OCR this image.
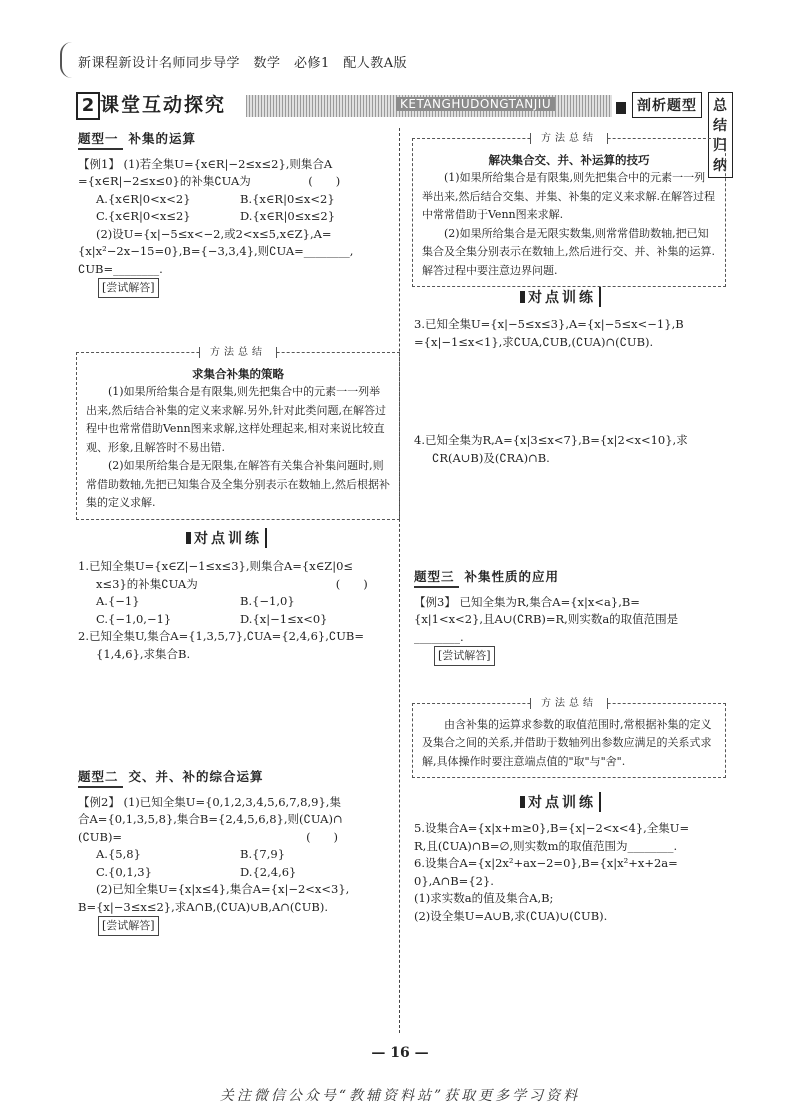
新课程新设计名师同步导学　数学　必修1　配人教A版
2 课堂互动探究	KETANGHUDONGTANJIU	剖析题型	总结归纳
题型一 补集的运算

【例1】 (1)若全集U={x∈R|−2≤x≤2},则集合A

={x∈R|−2≤x≤0}的补集∁UA为　　　　　(　　)

A.{x∈R|0<x<2}	B.{x∈R|0≤x<2}
C.{x∈R|0<x≤2}	D.{x∈R|0≤x≤2}

(2)设U={x|−5≤x<−2,或2<x≤5,x∈Z},A=

{x|x²−2x−15=0},B={−3,3,4},则∁UA=________,

∁UB=________.

[尝试解答]
方法总结
求集合补集的策略

(1)如果所给集合是有限集,则先把集合中的元素一一列举出来,然后结合补集的定义来求解.另外,针对此类问题,在解答过程中也常常借助Venn图来求解,这样处理起来,相对来说比较直观、形象,且解答时不易出错.

(2)如果所给集合是无限集,在解答有关集合补集问题时,则常借助数轴,先把已知集合及全集分别表示在数轴上,然后根据补集的定义求解.

对点训练

1.已知全集U={x∈Z|−1≤x≤3},则集合A={x∈Z|0≤

x≤3}的补集∁UA为　　　　　　　　　　　　(　　)

A.{−1}	B.{−1,0}
C.{−1,0,−1}	D.{x|−1≤x<0}

2.已知全集U,集合A={1,3,5,7},∁UA={2,4,6},∁UB=

{1,4,6},求集合B.

题型二 交、并、补的综合运算

【例2】 (1)已知全集U={0,1,2,3,4,5,6,7,8,9},集

合A={0,1,3,5,8},集合B={2,4,5,6,8},则(∁UA)∩

(∁UB)=　　　　　　　　　　　　　　　　(　　)

A.{5,8}	B.{7,9}
C.{0,1,3}	D.{2,4,6}

(2)已知全集U={x|x≤4},集合A={x|−2<x<3},

B={x|−3≤x≤2},求A∩B,(∁UA)∪B,A∩(∁UB).

[尝试解答]
方法总结
解决集合交、并、补运算的技巧

(1)如果所给集合是有限集,则先把集合中的元素一一列举出来,然后结合交集、并集、补集的定义来求解.在解答过程中常常借助于Venn图来求解.

(2)如果所给集合是无限实数集,则常常借助数轴,把已知集合及全集分别表示在数轴上,然后进行交、并、补集的运算.解答过程中要注意边界问题.

对点训练

3.已知全集U={x|−5≤x≤3},A={x|−5≤x<−1},B

={x|−1≤x<1},求∁UA,∁UB,(∁UA)∩(∁UB).

4.已知全集为R,A={x|3≤x<7},B={x|2<x<10},求

∁R(A∪B)及(∁RA)∩B.

题型三 补集性质的应用

【例3】 已知全集为R,集合A={x|x<a},B=

{x|1<x<2},且A∪(∁RB)=R,则实数a的取值范围是

________.

[尝试解答]
方法总结

由含补集的运算求参数的取值范围时,常根据补集的定义及集合之间的关系,并借助于数轴列出参数应满足的关系式求解,具体操作时要注意端点值的"取"与"舍".

对点训练

5.设集合A={x|x+m≥0},B={x|−2<x<4},全集U=

R,且(∁UA)∩B=∅,则实数m的取值范围为________.

6.设集合A={x|2x²+ax−2=0},B={x|x²+x+2a=

0},A∩B={2}.

(1)求实数a的值及集合A,B;

(2)设全集U=A∪B,求(∁UA)∪(∁UB).

— 16 —
关注微信公众号“教辅资料站”获取更多学习资料
